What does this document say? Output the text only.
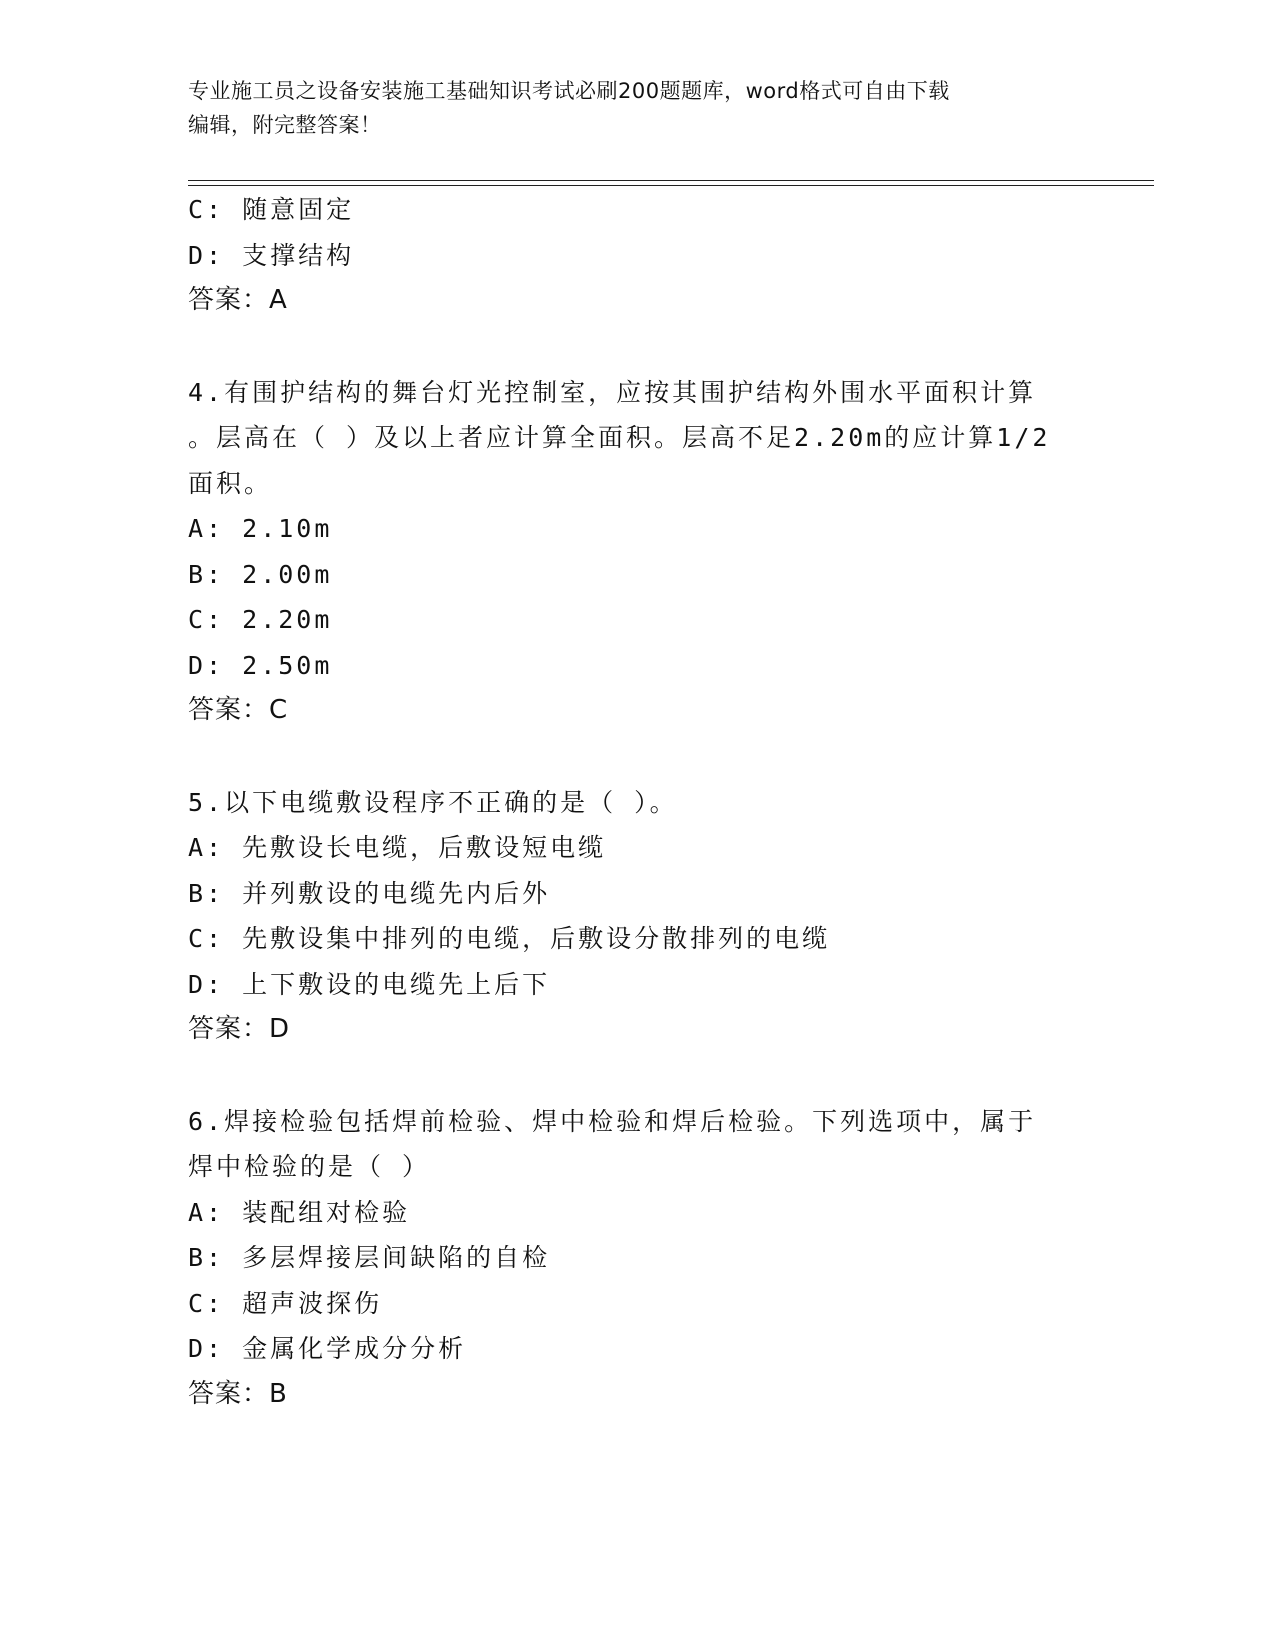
专业施工员之设备安装施工基础知识考试必刷200题题库，word格式可自由下载
编辑，附完整答案！
C: 随意固定
D: 支撑结构
答案：A
4.有围护结构的舞台灯光控制室，应按其围护结构外围水平面积计算
。层高在（ ）及以上者应计算全面积。层高不足2.20m的应计算1/2
面积。
A: 2.10m
B: 2.00m
C: 2.20m
D: 2.50m
答案：C
5.以下电缆敷设程序不正确的是（ ）。
A: 先敷设长电缆，后敷设短电缆
B: 并列敷设的电缆先内后外
C: 先敷设集中排列的电缆，后敷设分散排列的电缆
D: 上下敷设的电缆先上后下
答案：D
6.焊接检验包括焊前检验、焊中检验和焊后检验。下列选项中，属于
焊中检验的是（ ）
A: 装配组对检验
B: 多层焊接层间缺陷的自检
C: 超声波探伤
D: 金属化学成分分析
答案：B
